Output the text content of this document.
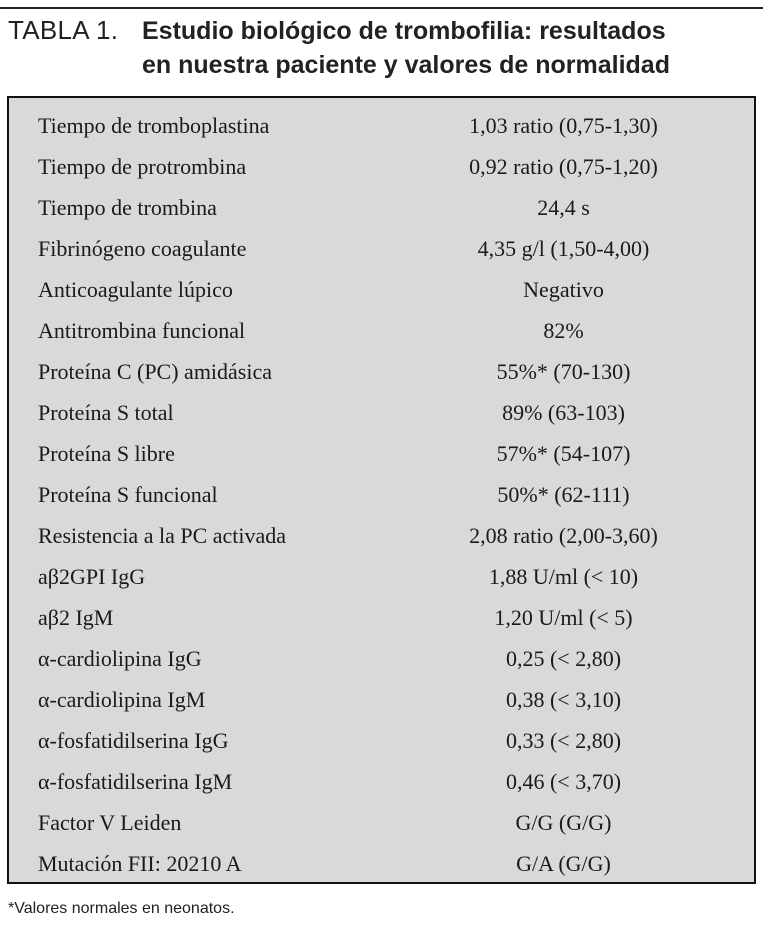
TABLA 1. Estudio biológico de trombofilia: resultados
en nuestra paciente y valores de normalidad
Tiempo de tromboplastina	1,03 ratio (0,75-1,30)
Tiempo de protrombina	0,92 ratio (0,75-1,20)
Tiempo de trombina	24,4 s
Fibrinógeno coagulante	4,35 g/l (1,50-4,00)
Anticoagulante lúpico	Negativo
Antitrombina funcional	82%
Proteína C (PC) amidásica	55%* (70-130)
Proteína S total	89% (63-103)
Proteína S libre	57%* (54-107)
Proteína S funcional	50%* (62-111)
Resistencia a la PC activada	2,08 ratio (2,00-3,60)
aβ2GPI IgG	1,88 U/ml (< 10)
aβ2 IgM	1,20 U/ml (< 5)
α-cardiolipina IgG	0,25 (< 2,80)
α-cardiolipina IgM	0,38 (< 3,10)
α-fosfatidilserina IgG	0,33 (< 2,80)
α-fosfatidilserina IgM	0,46 (< 3,70)
Factor V Leiden	G/G (G/G)
Mutación FII: 20210 A	G/A (G/G)
*Valores normales en neonatos.
